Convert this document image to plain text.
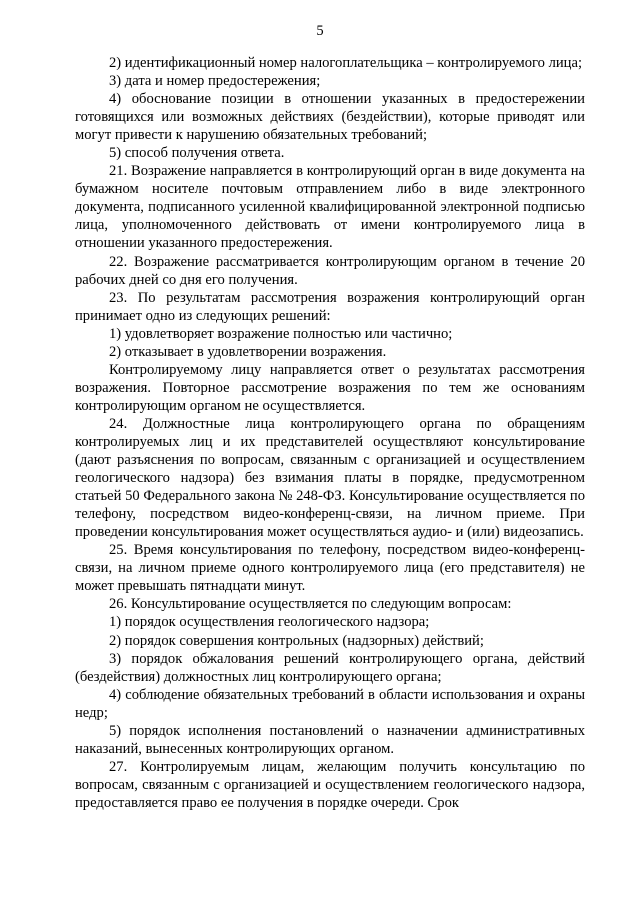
5

2) идентификационный номер налогоплательщика – контролируемого лица;

3) дата и номер предостережения;

4) обоснование позиции в отношении указанных в предостережении готовящихся или возможных действиях (бездействии), которые приводят или могут привести к нарушению обязательных требований;

5) способ получения ответа.

21. Возражение направляется в контролирующий орган в виде документа на бумажном носителе почтовым отправлением либо в виде электронного документа, подписанного усиленной квалифицированной электронной подписью лица, уполномоченного действовать от имени контролируемого лица в отношении указанного предостережения.

22. Возражение рассматривается контролирующим органом в течение 20 рабочих дней со дня его получения.

23. По результатам рассмотрения возражения контролирующий орган принимает одно из следующих решений:

1) удовлетворяет возражение полностью или частично;

2) отказывает в удовлетворении возражения.

Контролируемому лицу направляется ответ о результатах рассмотрения возражения. Повторное рассмотрение возражения по тем же основаниям контролирующим органом не осуществляется.

24. Должностные лица контролирующего органа по обращениям контролируемых лиц и их представителей осуществляют консультирование (дают разъяснения по вопросам, связанным с организацией и осуществлением геологического надзора) без взимания платы в порядке, предусмотренном статьей 50 Федерального закона № 248-ФЗ. Консультирование осуществляется по телефону, посредством видео-конференц-связи, на личном приеме. При проведении консультирования может осуществляться аудио- и (или) видеозапись.

25. Время консультирования по телефону, посредством видео-конференц-связи, на личном приеме одного контролируемого лица (его представителя) не может превышать пятнадцати минут.

26. Консультирование осуществляется по следующим вопросам:

1) порядок осуществления геологического надзора;

2) порядок совершения контрольных (надзорных) действий;

3) порядок обжалования решений контролирующего органа, действий (бездействия) должностных лиц контролирующего органа;

4) соблюдение обязательных требований в области использования и охраны недр;

5) порядок исполнения постановлений о назначении административных наказаний, вынесенных контролирующих органом.

27. Контролируемым лицам, желающим получить консультацию по вопросам, связанным с организацией и осуществлением геологического надзора, предоставляется право ее получения в порядке очереди. Срок
